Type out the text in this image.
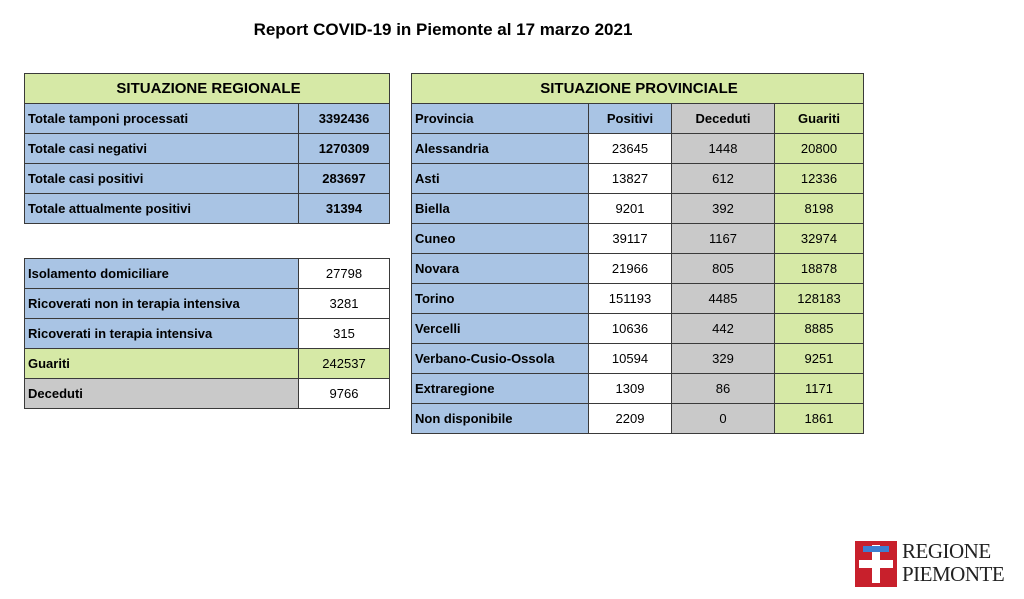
Report COVID-19 in Piemonte al 17 marzo 2021
SITUAZIONE REGIONALE	
Totale tamponi processati	3392436
Totale casi negativi	1270309
Totale casi positivi	283697
Totale attualmente positivi	31394
Isolamento domiciliare	27798
Ricoverati non in terapia intensiva	3281
Ricoverati in terapia intensiva	315
Guariti	242537
Deceduti	9766
SITUAZIONE PROVINCIALE			
Provincia	Positivi	Deceduti	Guariti
Alessandria	23645	1448	20800
Asti	13827	612	12336
Biella	9201	392	8198
Cuneo	39117	1167	32974
Novara	21966	805	18878
Torino	151193	4485	128183
Vercelli	10636	442	8885
Verbano-Cusio-Ossola	10594	329	9251
Extraregione	1309	86	1171
Non disponibile	2209	0	1861
REGIONE
PIEMONTE
